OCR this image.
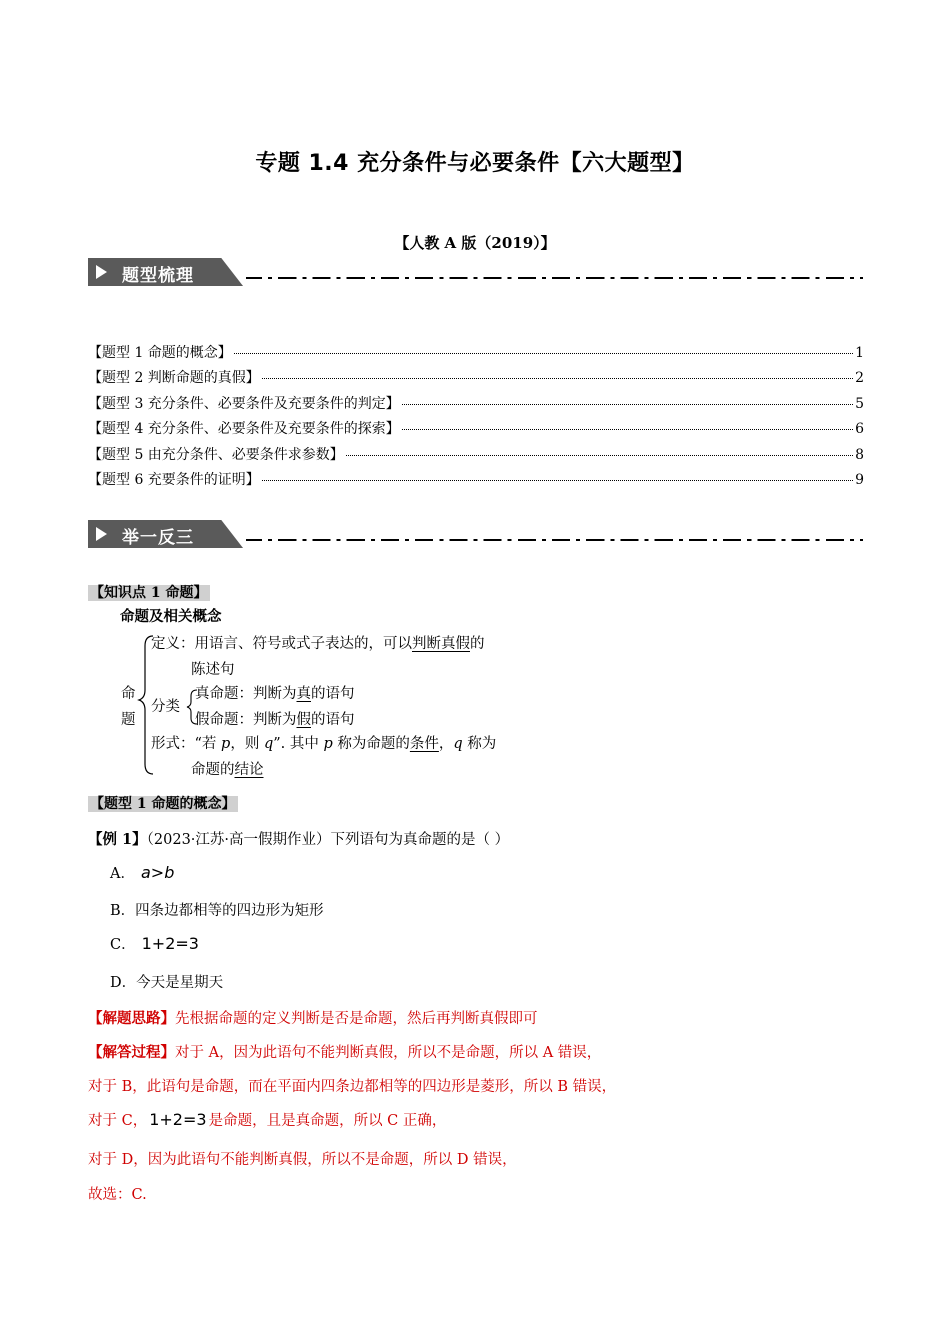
专题 1.4 充分条件与必要条件【六大题型】
【人教 A 版（2019）】
题型梳理
【题型 1 命题的概念】	1
【题型 2 判断命题的真假】	2
【题型 3 充分条件、必要条件及充要条件的判定】	5
【题型 4 充分条件、必要条件及充要条件的探索】	6
【题型 5 由充分条件、必要条件求参数】	8
【题型 6 充要条件的证明】	9
举一反三
【知识点 1 命题】
命题及相关概念
命
题
定义：用语言、符号或式子表达的，可以判断真假的
陈述句
分类
真命题：判断为真的语句
假命题：判断为假的语句
形式：“若 p，则 q”. 其中 p 称为命题的条件，q 称为
命题的结论
【题型 1 命题的概念】
【例 1】（2023·江苏·高一假期作业）下列语句为真命题的是（ ）
A． a>b
B．四条边都相等的四边形为矩形
C． 1+2=3
D．今天是星期天
【解题思路】先根据命题的定义判断是否是命题，然后再判断真假即可
【解答过程】对于 A，因为此语句不能判断真假，所以不是命题，所以 A 错误，
对于 B，此语句是命题，而在平面内四条边都相等的四边形是菱形，所以 B 错误，
对于 C， 1+2=3 是命题，且是真命题，所以 C 正确，
对于 D，因为此语句不能判断真假，所以不是命题，所以 D 错误，
故选：C.
